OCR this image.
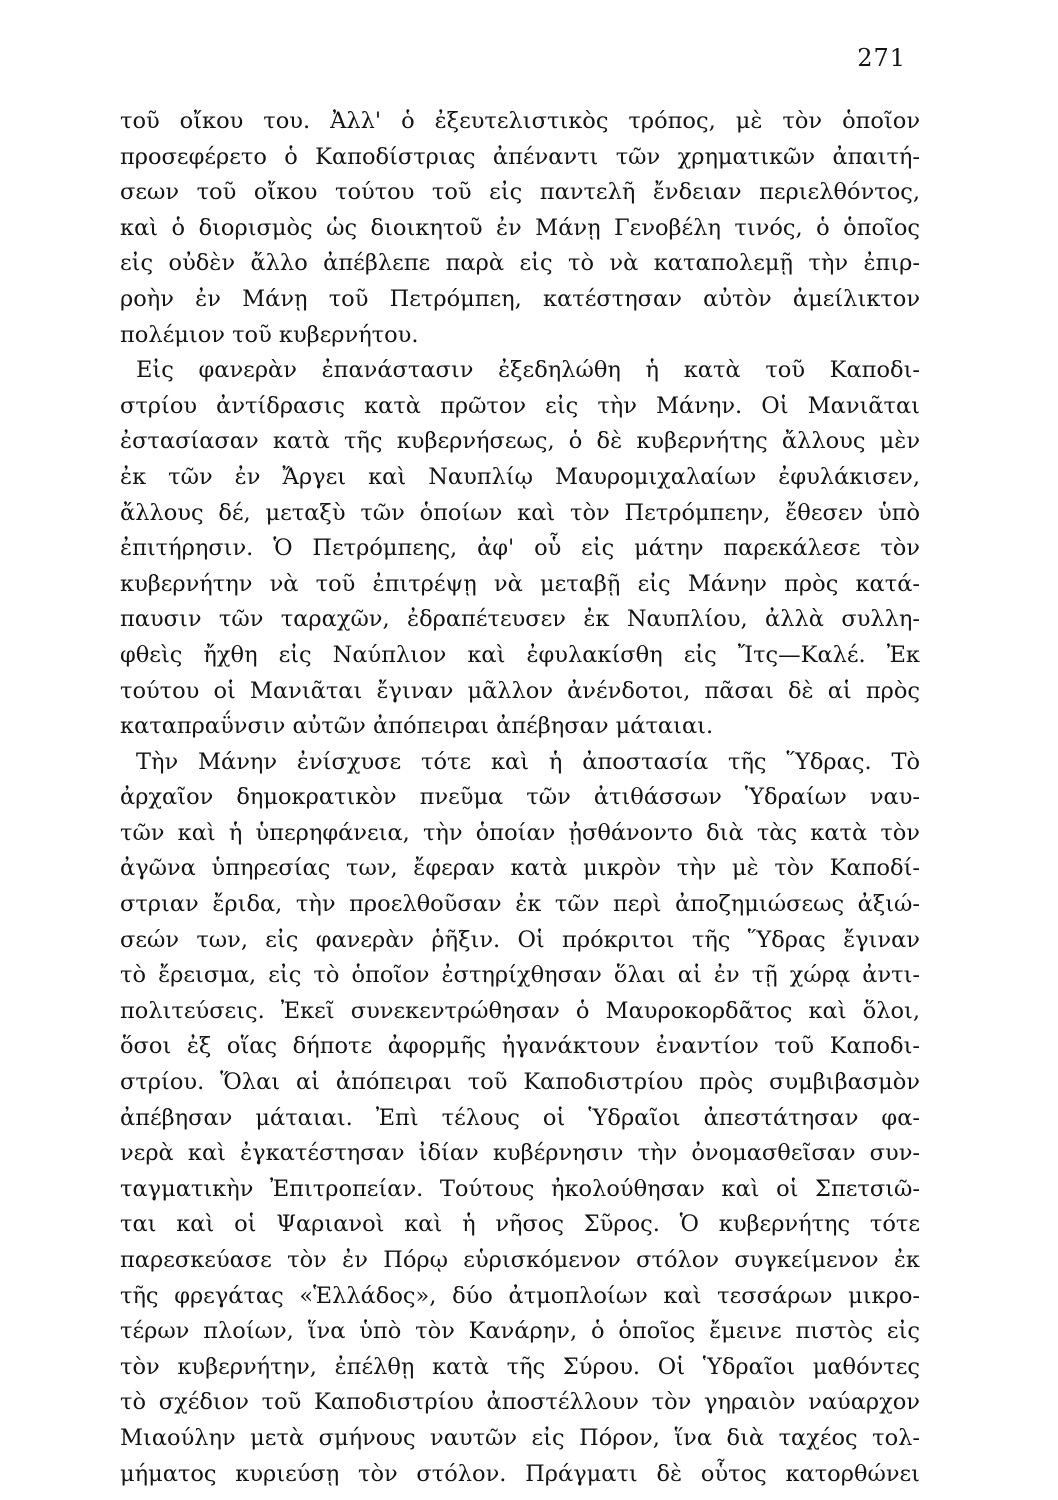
271
τοῦ οἴκου του. Ἀλλ' ὁ ἐξευτελιστικὸς τρόπος, μὲ τὸν ὁποῖον
προσεφέρετο ὁ Καποδίστριας ἀπέναντι τῶν χρηματικῶν ἀπαιτή-
σεων τοῦ οἴκου τούτου τοῦ εἰς παντελῆ ἔνδειαν περιελθόντος,
καὶ ὁ διορισμὸς ὡς διοικητοῦ ἐν Μάνῃ Γενοβέλη τινός, ὁ ὁποῖος
εἰς οὐδὲν ἄλλο ἀπέβλεπε παρὰ εἰς τὸ νὰ καταπολεμῇ τὴν ἐπιρ-
ροὴν ἐν Μάνῃ τοῦ Πετρόμπεη, κατέστησαν αὐτὸν ἀμείλικτον
πολέμιον τοῦ κυβερνήτου.
Εἰς φανερὰν ἐπανάστασιν ἐξεδηλώθη ἡ κατὰ τοῦ Καποδι-
στρίου ἀντίδρασις κατὰ πρῶτον εἰς τὴν Μάνην. Οἱ Μανιᾶται
ἐστασίασαν κατὰ τῆς κυβερνήσεως, ὁ δὲ κυβερνήτης ἄλλους μὲν
ἐκ τῶν ἐν Ἄργει καὶ Ναυπλίῳ Μαυρομιχαλαίων ἐφυλάκισεν,
ἄλλους δέ, μεταξὺ τῶν ὁποίων καὶ τὸν Πετρόμπεην, ἔθεσεν ὑπὸ
ἐπιτήρησιν. Ὁ Πετρόμπεης, ἀφ' οὗ εἰς μάτην παρεκάλεσε τὸν
κυβερνήτην νὰ τοῦ ἐπιτρέψῃ νὰ μεταβῇ εἰς Μάνην πρὸς κατά-
παυσιν τῶν ταραχῶν, ἐδραπέτευσεν ἐκ Ναυπλίου, ἀλλὰ συλλη-
φθεὶς ἤχθη εἰς Ναύπλιον καὶ ἐφυλακίσθη εἰς Ἴτς—Καλέ. Ἐκ
τούτου οἱ Μανιᾶται ἔγιναν μᾶλλον ἀνένδοτοι, πᾶσαι δὲ αἱ πρὸς
καταπραΰνσιν αὐτῶν ἀπόπειραι ἀπέβησαν μάταιαι.
Τὴν Μάνην ἐνίσχυσε τότε καὶ ἡ ἀποστασία τῆς Ὕδρας. Τὸ
ἀρχαῖον δημοκρατικὸν πνεῦμα τῶν ἀτιθάσσων Ὑδραίων ναυ-
τῶν καὶ ἡ ὑπερηφάνεια, τὴν ὁποίαν ᾐσθάνοντο διὰ τὰς κατὰ τὸν
ἀγῶνα ὑπηρεσίας των, ἔφεραν κατὰ μικρὸν τὴν μὲ τὸν Καποδί-
στριαν ἔριδα, τὴν προελθοῦσαν ἐκ τῶν περὶ ἀποζημιώσεως ἀξιώ-
σεών των, εἰς φανερὰν ῥῆξιν. Οἱ πρόκριτοι τῆς Ὕδρας ἔγιναν
τὸ ἔρεισμα, εἰς τὸ ὁποῖον ἐστηρίχθησαν ὅλαι αἱ ἐν τῇ χώρᾳ ἀντι-
πολιτεύσεις. Ἐκεῖ συνεκεντρώθησαν ὁ Μαυροκορδᾶτος καὶ ὅλοι,
ὅσοι ἐξ οἵας δήποτε ἀφορμῆς ἠγανάκτουν ἐναντίον τοῦ Καποδι-
στρίου. Ὅλαι αἱ ἀπόπειραι τοῦ Καποδιστρίου πρὸς συμβιβασμὸν
ἀπέβησαν μάταιαι. Ἐπὶ τέλους οἱ Ὑδραῖοι ἀπεστάτησαν φα-
νερὰ καὶ ἐγκατέστησαν ἰδίαν κυβέρνησιν τὴν ὀνομασθεῖσαν συν-
ταγματικὴν Ἐπιτροπείαν. Τούτους ἠκολούθησαν καὶ οἱ Σπετσιῶ-
ται καὶ οἱ Ψαριανοὶ καὶ ἡ νῆσος Σῦρος. Ὁ κυβερνήτης τότε
παρεσκεύασε τὸν ἐν Πόρῳ εὑρισκόμενον στόλον συγκείμενον ἐκ
τῆς φρεγάτας «Ἑλλάδος», δύο ἀτμοπλοίων καὶ τεσσάρων μικρο-
τέρων πλοίων, ἵνα ὑπὸ τὸν Κανάρην, ὁ ὁποῖος ἔμεινε πιστὸς εἰς
τὸν κυβερνήτην, ἐπέλθῃ κατὰ τῆς Σύρου. Οἱ Ὑδραῖοι μαθόντες
τὸ σχέδιον τοῦ Καποδιστρίου ἀποστέλλουν τὸν γηραιὸν ναύαρχον
Μιαούλην μετὰ σμήνους ναυτῶν εἰς Πόρον, ἵνα διὰ ταχέος τολ-
μήματος κυριεύσῃ τὸν στόλον. Πράγματι δὲ οὗτος κατορθώνει
